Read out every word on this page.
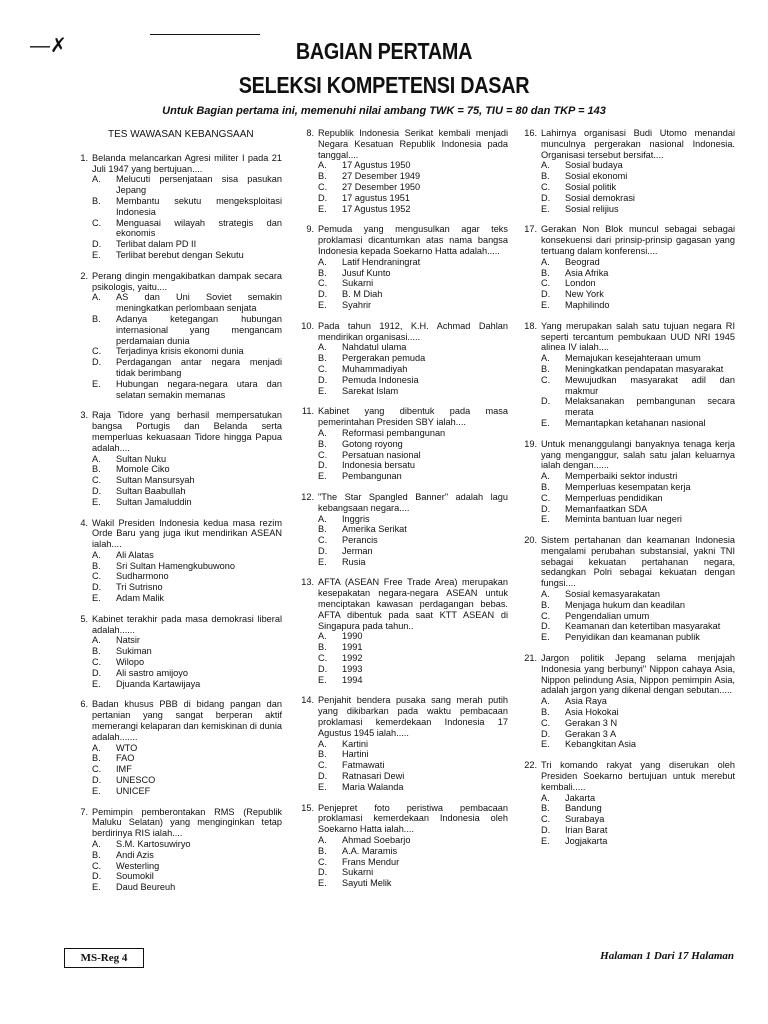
—✗	BAGIAN PERTAMA
SELEKSI KOMPETENSI DASAR
Untuk Bagian pertama ini, memenuhi nilai ambang TWK = 75, TIU = 80 dan TKP = 143
TES WAWASAN KEBANGSAAN
1. Belanda melancarkan Agresi militer I pada 21 Juli 1947 yang bertujuan....
A. Melucuti persenjataan sisa pasukan Jepang
B. Membantu sekutu mengeksploitasi Indonesia
C. Menguasai wilayah strategis dan ekonomis
D. Terlibat dalam PD II
E. Terlibat berebut dengan Sekutu
2. Perang dingin mengakibatkan dampak secara psikologis, yaitu....
A. AS dan Uni Soviet semakin meningkatkan perlombaan senjata
B. Adanya ketegangan hubungan internasional yang mengancam perdamaian dunia
C. Terjadinya krisis ekonomi dunia
D. Perdagangan antar negara menjadi tidak berimbang
E. Hubungan negara-negara utara dan selatan semakin memanas
3. Raja Tidore yang berhasil mempersatukan bangsa Portugis dan Belanda serta memperluas kekuasaan Tidore hingga Papua adalah....
A. Sultan Nuku
B. Momole Ciko
C. Sultan Mansursyah
D. Sultan Baabullah
E. Sultan Jamaluddin
4. Wakil Presiden Indonesia kedua masa rezim Orde Baru yang juga ikut mendirikan ASEAN ialah....
A. Ali Alatas
B. Sri Sultan Hamengkubuwono
C. Sudharmono
D. Tri Sutrisno
E. Adam Malik
5. Kabinet terakhir pada masa demokrasi liberal adalah......
A. Natsir
B. Sukiman
C. Wilopo
D. Ali sastro amijoyo
E. Djuanda Kartawijaya
6. Badan khusus PBB di bidang pangan dan pertanian yang sangat berperan aktif memerangi kelaparan dan kemiskinan di dunia adalah.......
A. WTO
B. FAO
C. IMF
D. UNESCO
E. UNICEF
7. Pemimpin pemberontakan RMS (Republik Maluku Selatan) yang menginginkan tetap berdirinya RIS ialah....
A. S.M. Kartosuwiryo
B. Andi Azis
C. Westerling
D. Soumokil
E. Daud Beureuh
8. Republik Indonesia Serikat kembali menjadi Negara Kesatuan Republik Indonesia pada tanggal....
A. 17 Agustus 1950
B. 27 Desember 1949
C. 27 Desember 1950
D. 17 agustus 1951
E. 17 Agustus 1952
9. Pemuda yang mengusulkan agar teks proklamasi dicantumkan atas nama bangsa Indonesia kepada Soekarno Hatta adalah.....
A. Latif Hendraningrat
B. Jusuf Kunto
C. Sukarni
D. B. M Diah
E. Syahrir
10. Pada tahun 1912, K.H. Achmad Dahlan mendirikan organisasi.....
A. Nahdatul ulama
B. Pergerakan pemuda
C. Muhammadiyah
D. Pemuda Indonesia
E. Sarekat Islam
11. Kabinet yang dibentuk pada masa pemerintahan Presiden SBY ialah....
A. Reformasi pembangunan
B. Gotong royong
C. Persatuan nasional
D. Indonesia bersatu
E. Pembangunan
12. "The Star Spangled Banner" adalah lagu kebangsaan negara....
A. Inggris
B. Amerika Serikat
C. Perancis
D. Jerman
E. Rusia
13. AFTA (ASEAN Free Trade Area) merupakan kesepakatan negara-negara ASEAN untuk menciptakan kawasan perdagangan bebas. AFTA dibentuk pada saat KTT ASEAN di Singapura pada tahun..
A. 1990
B. 1991
C. 1992
D. 1993
E. 1994
14. Penjahit bendera pusaka sang merah putih yang dikibarkan pada waktu pembacaan proklamasi kemerdekaan Indonesia 17 Agustus 1945 ialah.....
A. Kartini
B. Hartini
C. Fatmawati
D. Ratnasari Dewi
E. Maria Walanda
15. Penjepret foto peristiwa pembacaan proklamasi kemerdekaan Indonesia oleh Soekarno Hatta ialah....
A. Ahmad Soebarjo
B. A.A. Maramis
C. Frans Mendur
D. Sukarni
E. Sayuti Melik
16. Lahirnya organisasi Budi Utomo menandai munculnya pergerakan nasional Indonesia. Organisasi tersebut bersifat....
A. Sosial budaya
B. Sosial ekonomi
C. Sosial politik
D. Sosial demokrasi
E. Sosial relijius
17. Gerakan Non Blok muncul sebagai sebagai konsekuensi dari prinsip-prinsip gagasan yang tertuang dalam konferensi....
A. Beograd
B. Asia Afrika
C. London
D. New York
E. Maphilindo
18. Yang merupakan salah satu tujuan negara RI seperti tercantum pembukaan UUD NRI 1945 alinea IV ialah....
A. Memajukan kesejahteraan umum
B. Meningkatkan pendapatan masyarakat
C. Mewujudkan masyarakat adil dan makmur
D. Melaksanakan pembangunan secara merata
E. Memantapkan ketahanan nasional
19. Untuk menanggulangi banyaknya tenaga kerja yang menganggur, salah satu jalan keluarnya ialah dengan......
A. Memperbaiki sektor industri
B. Memperluas kesempatan kerja
C. Memperluas pendidikan
D. Memanfaatkan SDA
E. Meminta bantuan luar negeri
20. Sistem pertahanan dan keamanan Indonesia mengalami perubahan substansial, yakni TNI sebagai kekuatan pertahanan negara, sedangkan Polri sebagai kekuatan dengan fungsi....
A. Sosial kemasyarakatan
B. Menjaga hukum dan keadilan
C. Pengendalian umum
D. Keamanan dan ketertiban masyarakat
E. Penyidikan dan keamanan publik
21. Jargon politik Jepang selama menjajah Indonesia yang berbunyi" Nippon cahaya Asia, Nippon pelindung Asia, Nippon pemimpin Asia, adalah jargon yang dikenal dengan sebutan.....
A. Asia Raya
B. Asia Hokokai
C. Gerakan 3 N
D. Gerakan 3 A
E. Kebangkitan Asia
22. Tri komando rakyat yang diserukan oleh Presiden Soekarno bertujuan untuk merebut kembali.....
A. Jakarta
B. Bandung
C. Surabaya
D. Irian Barat
E. Jogjakarta
MS-Reg 4	Halaman 1 Dari 17 Halaman
